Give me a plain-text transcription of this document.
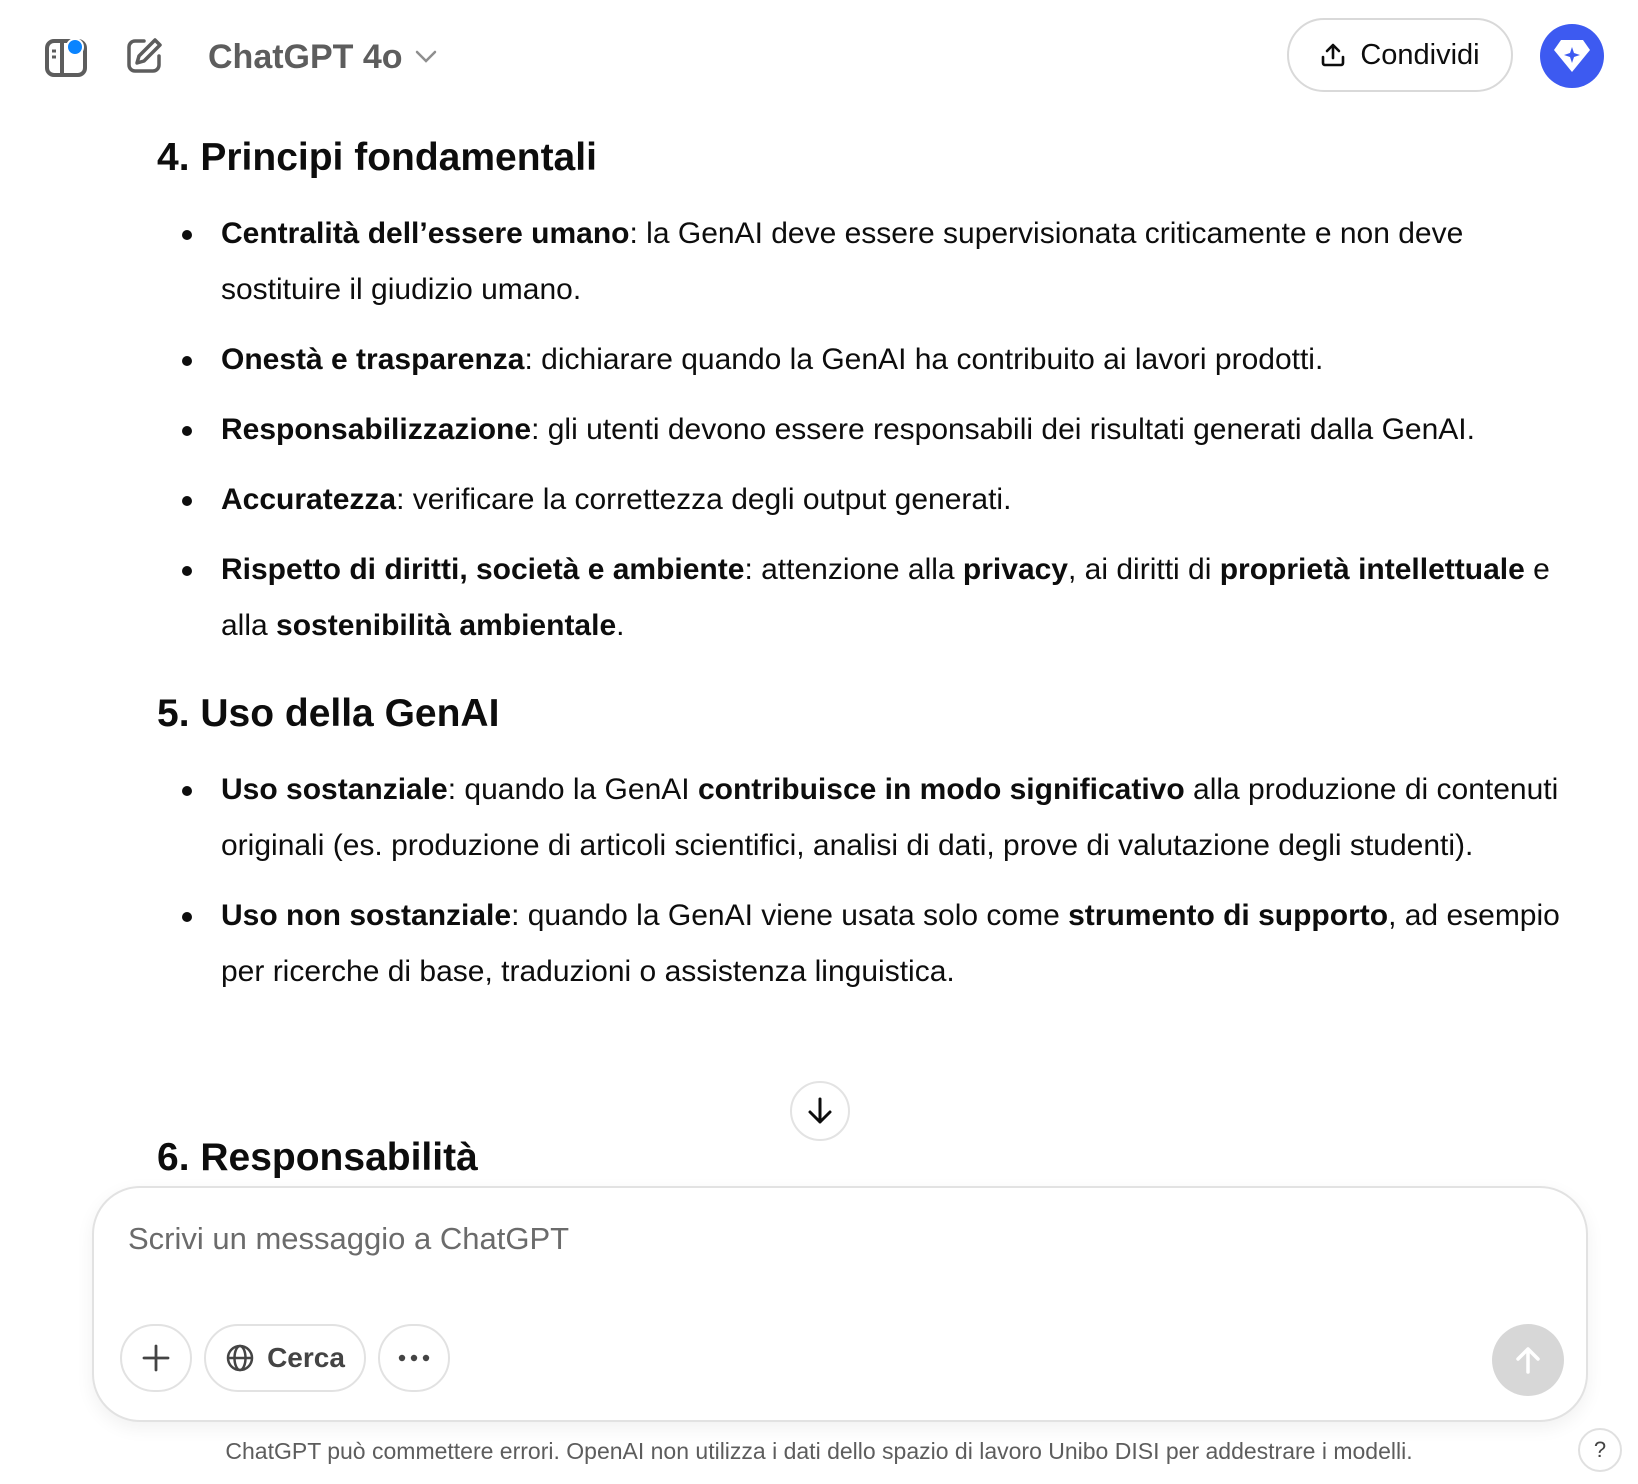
ChatGPT 4o	Condividi
4. Principi fondamentali
Centralità dell’essere umano: la GenAI deve essere supervisionata criticamente e non deve sostituire il giudizio umano.
Onestà e trasparenza: dichiarare quando la GenAI ha contribuito ai lavori prodotti.
Responsabilizzazione: gli utenti devono essere responsabili dei risultati generati dalla GenAI.
Accuratezza: verificare la correttezza degli output generati.
Rispetto di diritti, società e ambiente: attenzione alla privacy, ai diritti di proprietà intellettuale e alla sostenibilità ambientale.
5. Uso della GenAI
Uso sostanziale: quando la GenAI contribuisce in modo significativo alla produzione di contenuti originali (es. produzione di articoli scientifici, analisi di dati, prove di valutazione degli studenti).
Uso non sostanziale: quando la GenAI viene usata solo come strumento di supporto, ad esempio per ricerche di base, traduzioni o assistenza linguistica.
6. Responsabilità
Scrivi un messaggio a ChatGPT
Cerca
ChatGPT può commettere errori. OpenAI non utilizza i dati dello spazio di lavoro Unibo DISI per addestrare i modelli.	?
